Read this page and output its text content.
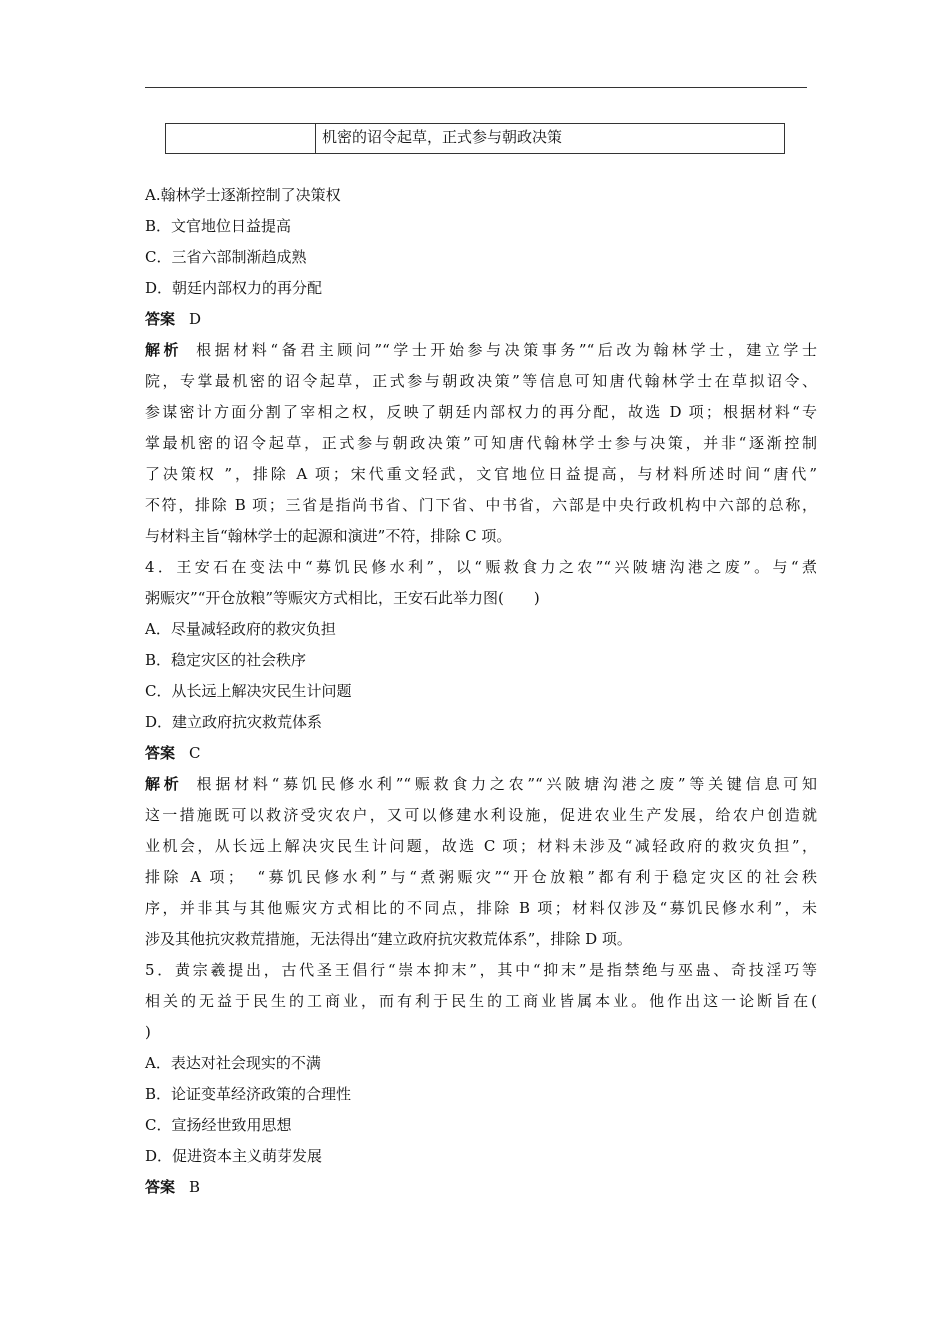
机密的诏令起草，正式参与朝政决策
A.翰林学士逐渐控制了决策权
B．文官地位日益提高
C．三省六部制渐趋成熟
D．朝廷内部权力的再分配
答案 D
解析 根据材料“备君主顾问”“学士开始参与决策事务”“后改为翰林学士，建立学士
院，专掌最机密的诏令起草，正式参与朝政决策”等信息可知唐代翰林学士在草拟诏令、
参谋密计方面分割了宰相之权，反映了朝廷内部权力的再分配，故选 D 项；根据材料“专
掌最机密的诏令起草，正式参与朝政决策”可知唐代翰林学士参与决策，并非“逐渐控制
了决策权 ”，排除 A 项；宋代重文轻武，文官地位日益提高，与材料所述时间“唐代”
不符，排除 B 项；三省是指尚书省、门下省、中书省，六部是中央行政机构中六部的总称，
与材料主旨“翰林学士的起源和演进”不符，排除 C 项。
4．王安石在变法中“募饥民修水利”，以“赈救食力之农”“兴陂塘沟港之废”。与“煮
粥赈灾”“开仓放粮”等赈灾方式相比，王安石此举力图(　　)
A．尽量减轻政府的救灾负担
B．稳定灾区的社会秩序
C．从长远上解决灾民生计问题
D．建立政府抗灾救荒体系
答案 C
解析 根据材料“募饥民修水利”“赈救食力之农”“兴陂塘沟港之废”等关键信息可知
这一措施既可以救济受灾农户，又可以修建水利设施，促进农业生产发展，给农户创造就
业机会，从长远上解决灾民生计问题，故选 C 项；材料未涉及“减轻政府的救灾负担”，
排除 A 项；　“募饥民修水利”与“煮粥赈灾”“开仓放粮”都有利于稳定灾区的社会秩
序，并非其与其他赈灾方式相比的不同点，排除 B 项；材料仅涉及“募饥民修水利”，未
涉及其他抗灾救荒措施，无法得出“建立政府抗灾救荒体系”，排除 D 项。
5．黄宗羲提出，古代圣王倡行“崇本抑末”，其中“抑末”是指禁绝与巫蛊、奇技淫巧等
相关的无益于民生的工商业，而有利于民生的工商业皆属本业。他作出这一论断旨在(
)
A．表达对社会现实的不满
B．论证变革经济政策的合理性
C．宣扬经世致用思想
D．促进资本主义萌芽发展
答案 B
